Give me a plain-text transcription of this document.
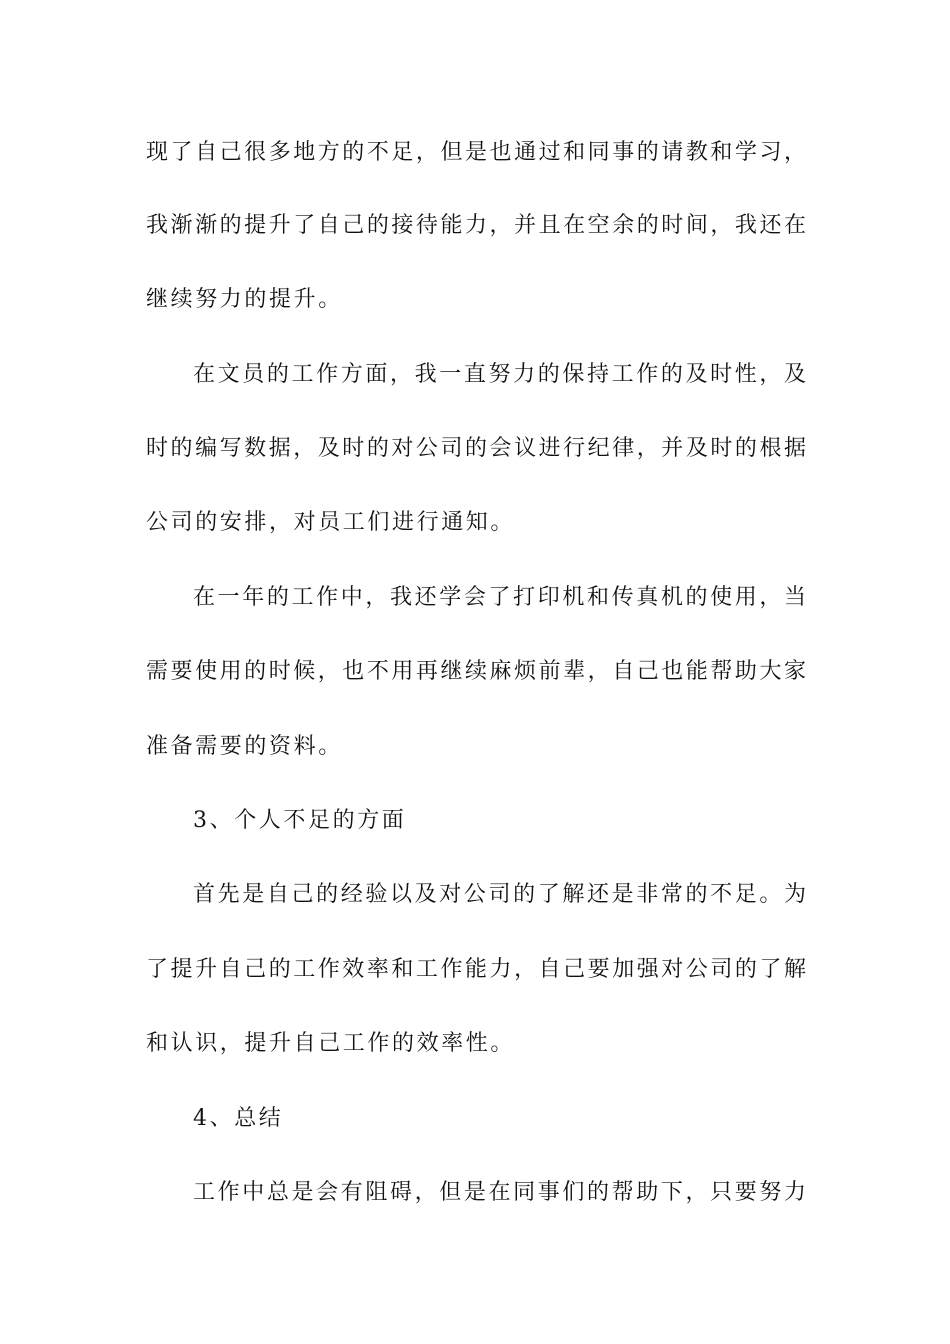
现了自己很多地方的不足，但是也通过和同事的请教和学习，
我渐渐的提升了自己的接待能力，并且在空余的时间，我还在
继续努力的提升。
在文员的工作方面，我一直努力的保持工作的及时性，及
时的编写数据，及时的对公司的会议进行纪律，并及时的根据
公司的安排，对员工们进行通知。
在一年的工作中，我还学会了打印机和传真机的使用，当
需要使用的时候，也不用再继续麻烦前辈，自己也能帮助大家
准备需要的资料。
3、个人不足的方面
首先是自己的经验以及对公司的了解还是非常的不足。为
了提升自己的工作效率和工作能力，自己要加强对公司的了解
和认识，提升自己工作的效率性。
4、总结
工作中总是会有阻碍，但是在同事们的帮助下，只要努力
